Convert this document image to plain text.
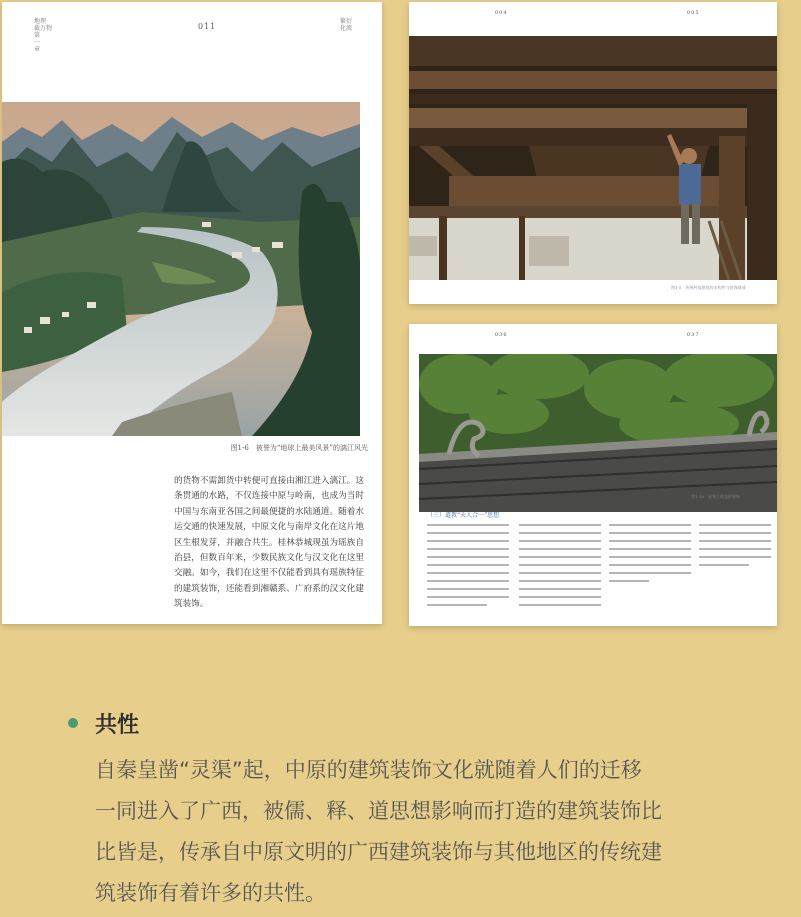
地理
截万物
第
一
章
011
繁衍化流
图1-6　被誉为“地球上最美风景”的漓江风光
的货物不需卸货中转便可直接由湘江进入漓江。这条贯通的水路，不仅连接中原与岭南，也成为当时中国与东南亚各国之间最便捷的水陆通道。随着水运交通的快速发展，中原文化与南岸文化在这片地区生根发芽，并融合共生。桂林恭城现虽为瑶族自治县，但数百年来，少数民族文化与汉文化在这里交融。如今，我们在这里不仅能看到具有瑶族特征的建筑装饰，还能看到湘赣系、广府系的汉文化建筑装饰。
004	005
图1-5　传统村落建筑的木构件与装饰细部
036	037
图1-10　屋脊上的龙形装饰
（三）道教“天人合一”思想
共性
自秦皇凿“灵渠”起，中原的建筑装饰文化就随着人们的迁移
一同进入了广西，被儒、释、道思想影响而打造的建筑装饰比
比皆是，传承自中原文明的广西建筑装饰与其他地区的传统建
筑装饰有着许多的共性。
